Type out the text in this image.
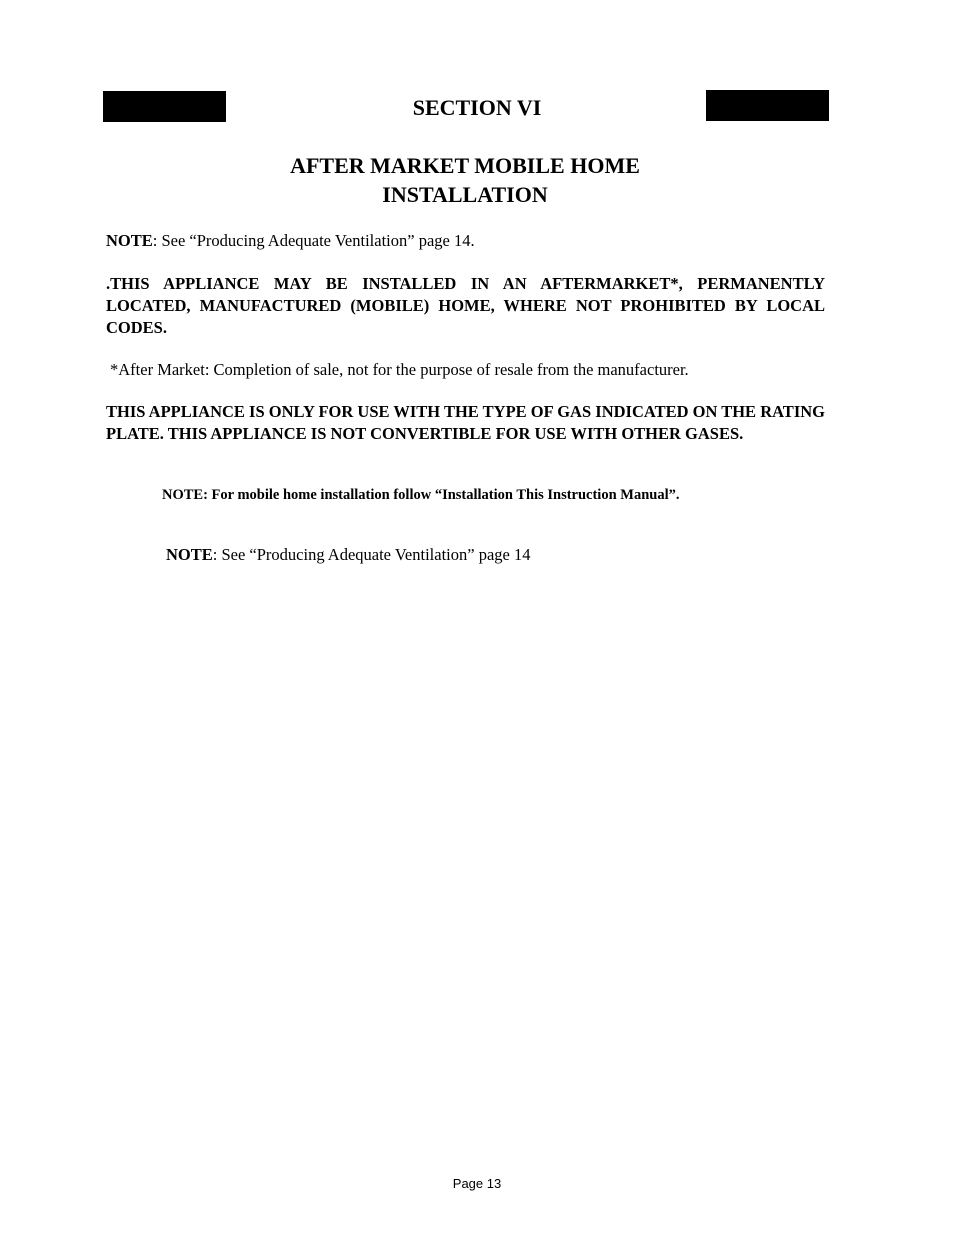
SECTION VI
AFTER MARKET MOBILE HOME
INSTALLATION
NOTE: See “Producing Adequate Ventilation” page 14.
.THIS APPLIANCE MAY BE INSTALLED IN AN AFTERMARKET*, PERMANENTLY LOCATED, MANUFACTURED (MOBILE) HOME, WHERE NOT PROHIBITED BY LOCAL CODES.
*After Market: Completion of sale, not for the purpose of resale from the manufacturer.
THIS APPLIANCE IS ONLY FOR USE WITH THE TYPE OF GAS INDICATED ON THE RATING PLATE. THIS APPLIANCE IS NOT CONVERTIBLE FOR USE WITH OTHER GASES.
NOTE: For mobile home installation follow “Installation This Instruction Manual”.
NOTE: See “Producing Adequate Ventilation” page 14
Page 13
